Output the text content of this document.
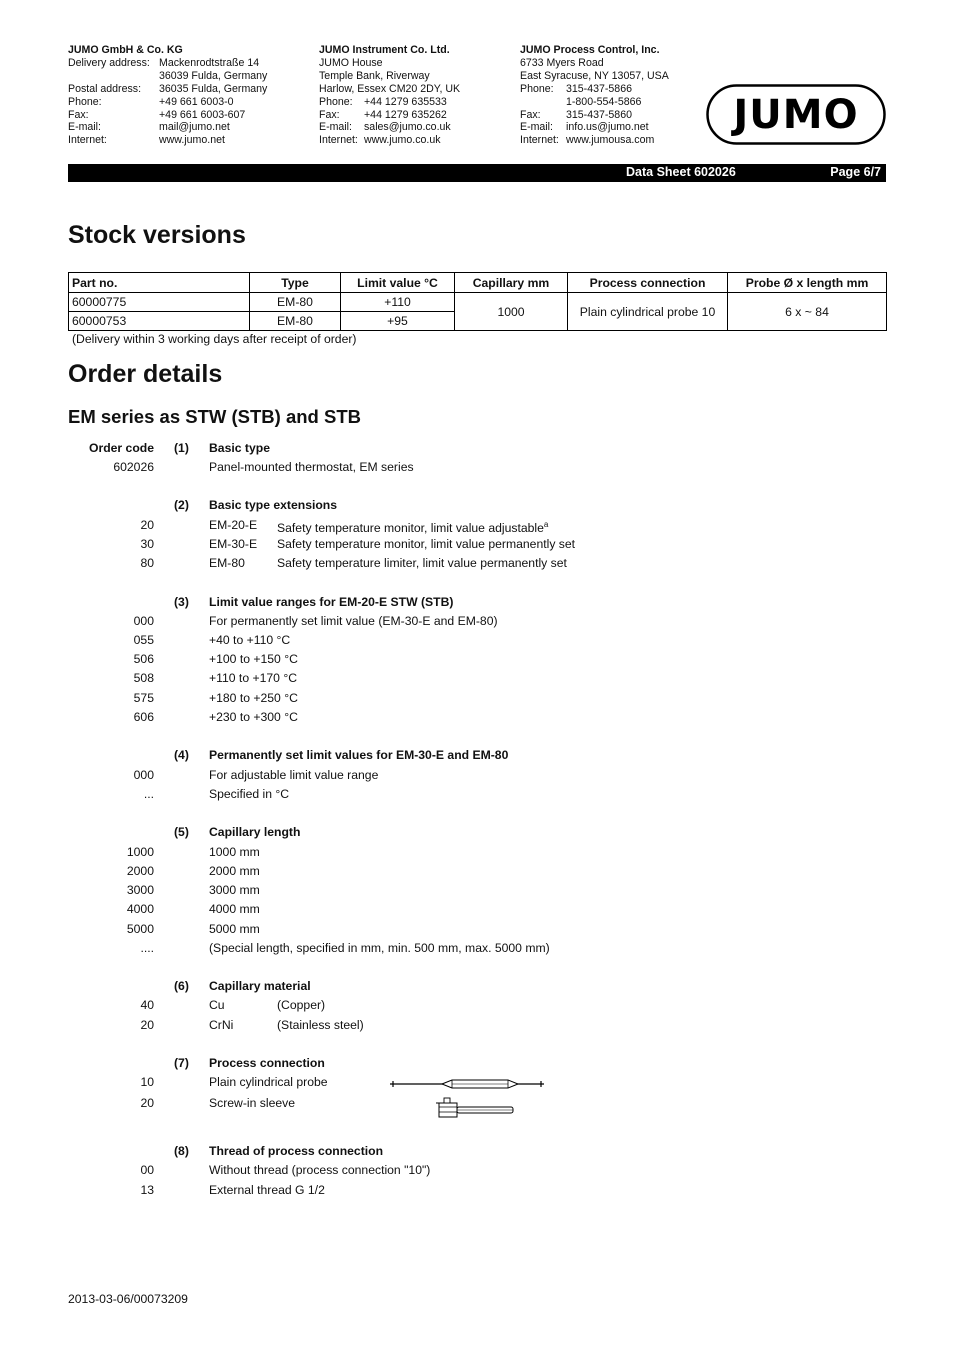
JUMO GmbH & Co. KG
Delivery address: Mackenrodtstraße 14
36039 Fulda, Germany
Postal address:	36035 Fulda, Germany
Phone:	+49 661 6003-0
Fax:	+49 661 6003-607
E-mail:	mail@jumo.net
Internet:	www.jumo.net
JUMO Instrument Co. Ltd.
JUMO House
Temple Bank, Riverway
Harlow, Essex CM20 2DY, UK
Phone:	+44 1279 635533
Fax:	+44 1279 635262
E-mail:	sales@jumo.co.uk
Internet: www.jumo.co.uk
JUMO Process Control, Inc.
6733 Myers Road
East Syracuse, NY 13057, USA
Phone:	315-437-5866
1-800-554-5866
Fax:	315-437-5860
E-mail:	info.us@jumo.net
Internet: www.jumousa.com
JUMO
Data Sheet 602026	Page 6/7
Stock versions
Part no.	Type	Limit value °C	Capillary mm	Process connection	Probe Ø x length mm
60000775	EM-80	+110	1000	Plain cylindrical probe 10	6 x ~ 84
60000753	EM-80	+95			
(Delivery within 3 working days after receipt of order)
Order details
EM series as STW (STB) and STB
Order code (1) Basic type
602026	Panel-mounted thermostat, EM series
(2) Basic type extensions
20	EM-20-E Safety temperature monitor, limit value adjustable$^a$
30	EM-30-E Safety temperature monitor, limit value permanently set
80	EM-80	Safety temperature limiter, limit value permanently set
(3) Limit value ranges for EM-20-E STW (STB)
000	For permanently set limit value (EM-30-E and EM-80)
055	+40 to +110 °C
506	+100 to +150 °C
508	+110 to +170 °C
575	+180 to +250 °C
606	+230 to +300 °C
(4) Permanently set limit values for EM-30-E and EM-80
000	For adjustable limit value range
...	Specified in °C
(5) Capillary length
1000	1000 mm
2000	2000 mm
3000	3000 mm
4000	4000 mm
5000	5000 mm
....	(Special length, specified in mm, min. 500 mm, max. 5000 mm)
(6) Capillary material
40	Cu	(Copper)
20	CrNi	(Stainless steel)
(7) Process connection
10	Plain cylindrical probe
20	Screw-in sleeve
(8) Thread of process connection
00	Without thread (process connection "10")
13	External thread G 1/2
2013-03-06/00073209
